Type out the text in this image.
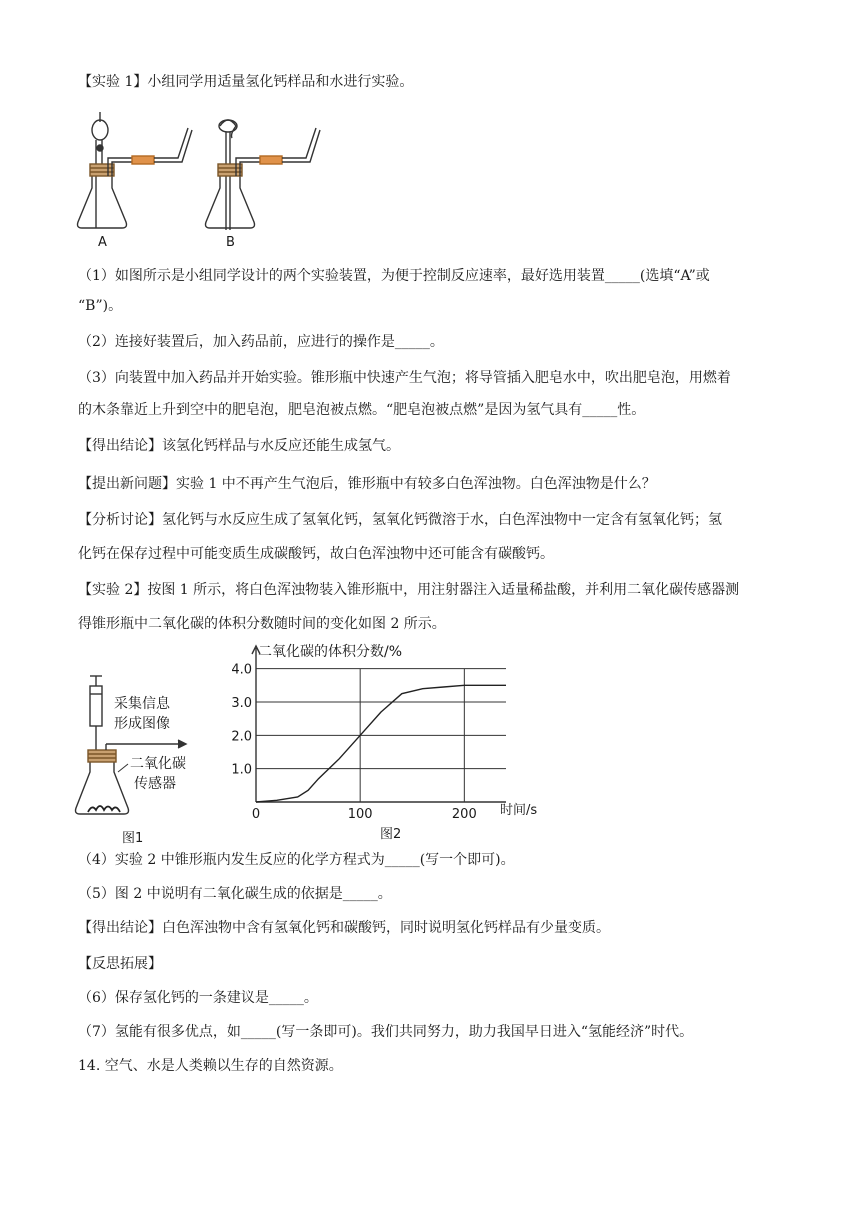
【实验 1】小组同学用适量氢化钙样品和水进行实验。
A	B
（1）如图所示是小组同学设计的两个实验装置，为便于控制反应速率，最好选用装置_____(选填“A”或
“B”)。
（2）连接好装置后，加入药品前，应进行的操作是_____。
（3）向装置中加入药品并开始实验。锥形瓶中快速产生气泡；将导管插入肥皂水中，吹出肥皂泡，用燃着
的木条靠近上升到空中的肥皂泡，肥皂泡被点燃。“肥皂泡被点燃”是因为氢气具有_____性。
【得出结论】该氢化钙样品与水反应还能生成氢气。
【提出新问题】实验 1 中不再产生气泡后，锥形瓶中有较多白色浑浊物。白色浑浊物是什么？
【分析讨论】氢化钙与水反应生成了氢氧化钙，氢氧化钙微溶于水，白色浑浊物中一定含有氢氧化钙；氢
化钙在保存过程中可能变质生成碳酸钙，故白色浑浊物中还可能含有碳酸钙。
【实验 2】按图 1 所示，将白色浑浊物装入锥形瓶中，用注射器注入适量稀盐酸，并利用二氧化碳传感器测
得锥形瓶中二氧化碳的体积分数随时间的变化如图 2 所示。
采集信息
形成图像
二氧化碳
传感器
图1
1.0
2.0
3.0
4.0
0	100	200
二氧化碳的体积分数/%
时间/s
图2
（4）实验 2 中锥形瓶内发生反应的化学方程式为_____(写一个即可)。
（5）图 2 中说明有二氧化碳生成的依据是_____。
【得出结论】白色浑浊物中含有氢氧化钙和碳酸钙，同时说明氢化钙样品有少量变质。
【反思拓展】
（6）保存氢化钙的一条建议是_____。
（7）氢能有很多优点，如_____(写一条即可)。我们共同努力，助力我国早日进入“氢能经济”时代。
14. 空气、水是人类赖以生存的自然资源。
